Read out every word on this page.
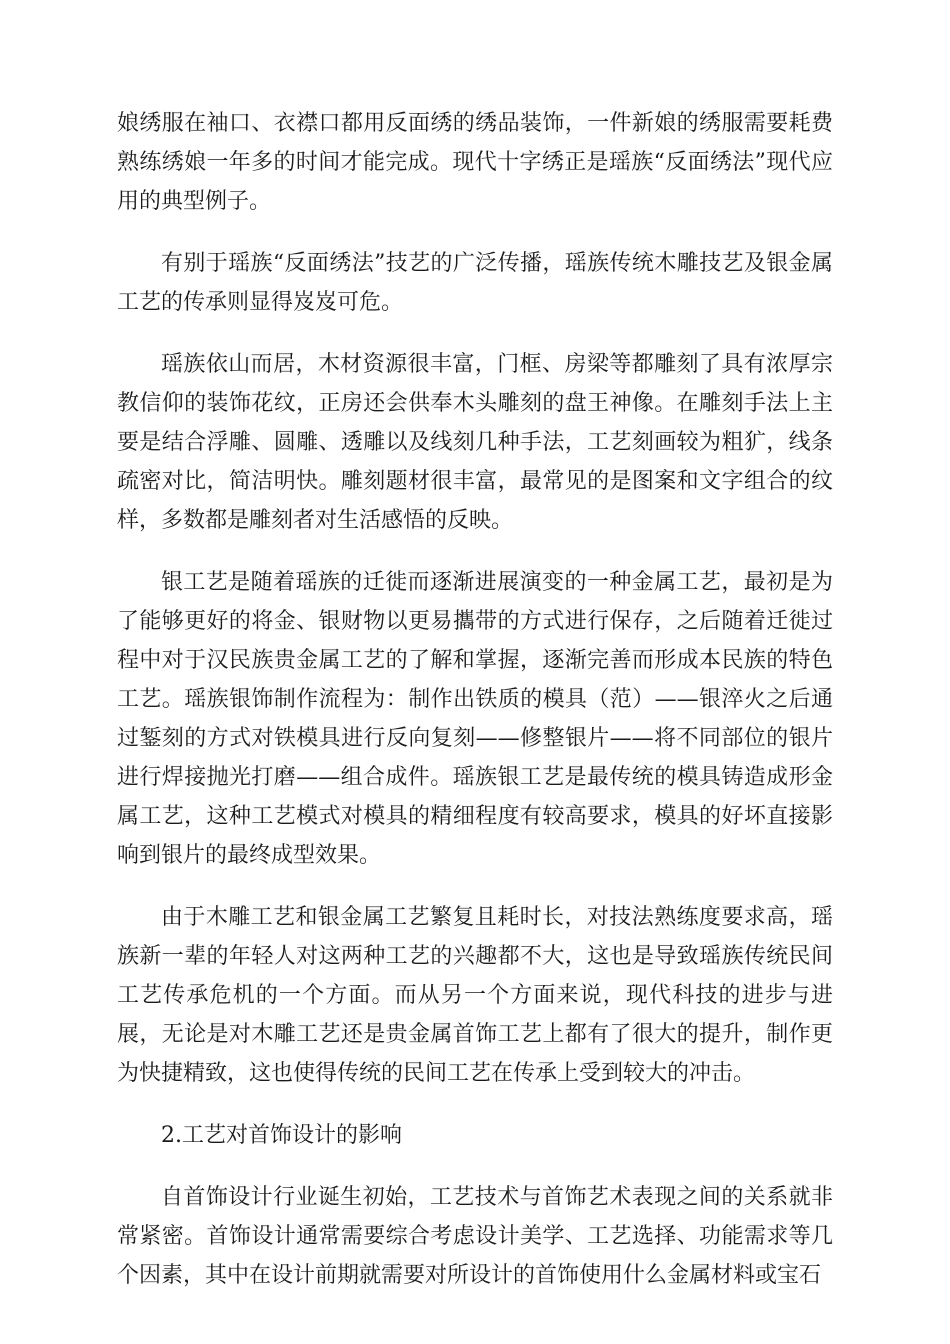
娘绣服在袖口、衣襟口都用反面绣的绣品装饰，一件新娘的绣服需要耗费熟练绣娘一年多的时间才能完成。现代十字绣正是瑶族“反面绣法”现代应用的典型例子。

有别于瑶族“反面绣法”技艺的广泛传播，瑶族传统木雕技艺及银金属工艺的传承则显得岌岌可危。

瑶族依山而居，木材资源很丰富，门框、房梁等都雕刻了具有浓厚宗教信仰的装饰花纹，正房还会供奉木头雕刻的盘王神像。在雕刻手法上主要是结合浮雕、圆雕、透雕以及线刻几种手法，工艺刻画较为粗犷，线条疏密对比，简洁明快。雕刻题材很丰富，最常见的是图案和文字组合的纹样，多数都是雕刻者对生活感悟的反映。

银工艺是随着瑶族的迁徙而逐渐进展演变的一种金属工艺，最初是为了能够更好的将金、银财物以更易攜带的方式进行保存，之后随着迁徙过程中对于汉民族贵金属工艺的了解和掌握，逐渐完善而形成本民族的特色工艺。瑶族银饰制作流程为：制作出铁质的模具（范）——银淬火之后通过錾刻的方式对铁模具进行反向复刻——修整银片——将不同部位的银片进行焊接抛光打磨——组合成件。瑶族银工艺是最传统的模具铸造成形金属工艺，这种工艺模式对模具的精细程度有较高要求，模具的好坏直接影响到银片的最终成型效果。

由于木雕工艺和银金属工艺繁复且耗时长，对技法熟练度要求高，瑶族新一辈的年轻人对这两种工艺的兴趣都不大，这也是导致瑶族传统民间工艺传承危机的一个方面。而从另一个方面来说，现代科技的进步与进展，无论是对木雕工艺还是贵金属首饰工艺上都有了很大的提升，制作更为快捷精致，这也使得传统的民间工艺在传承上受到较大的冲击。

2.工艺对首饰设计的影响

自首饰设计行业诞生初始，工艺技术与首饰艺术表现之间的关系就非常紧密。首饰设计通常需要综合考虑设计美学、工艺选择、功能需求等几个因素，其中在设计前期就需要对所设计的首饰使用什么金属材料或宝石
